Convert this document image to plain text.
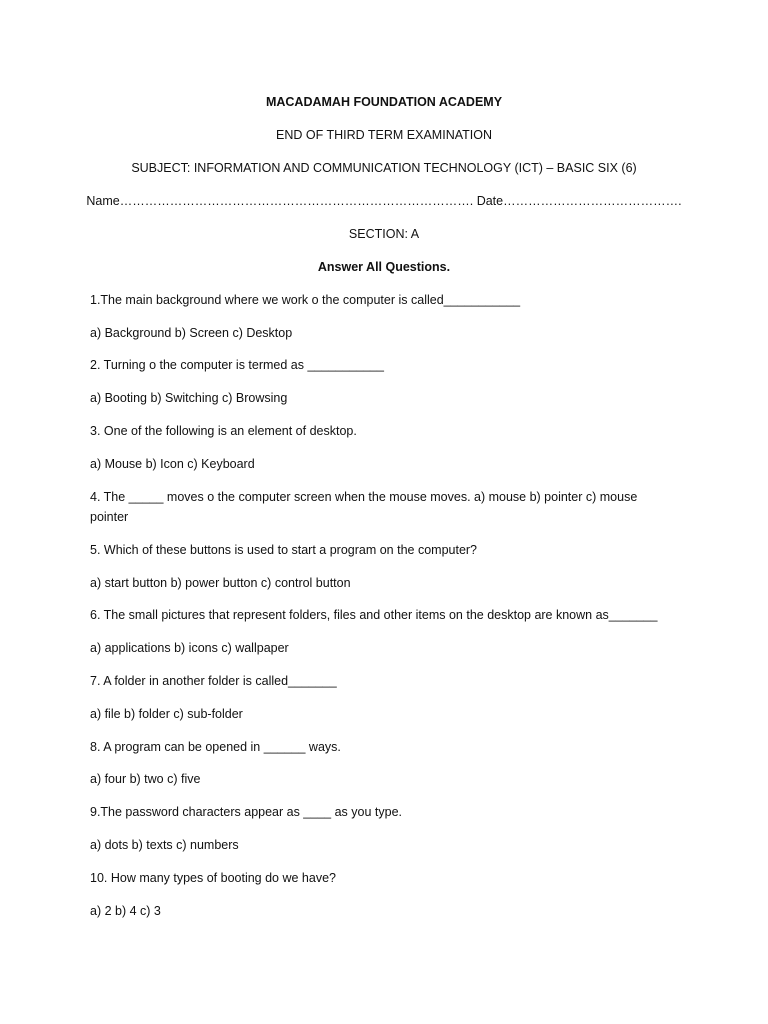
MACADAMAH FOUNDATION ACADEMY
END OF THIRD TERM EXAMINATION
SUBJECT: INFORMATION AND COMMUNICATION TECHNOLOGY (ICT) – BASIC SIX (6)
Name…………………………………………………………………………. Date…………………………………….
SECTION: A
Answer All Questions.
1.The main background where we work o the computer is called___________
a) Background b) Screen c) Desktop
2. Turning o the computer is termed as ___________
a) Booting b) Switching c) Browsing
3. One of the following is an element of desktop.
a) Mouse b) Icon c) Keyboard
4. The _____ moves o the computer screen when the mouse moves. a) mouse b) pointer c) mouse pointer
5. Which of these buttons is used to start a program on the computer?
a) start button b) power button c) control button
6. The small pictures that represent folders, files and other items on the desktop are known as_______
a) applications b) icons c) wallpaper
7. A folder in another folder is called_______
a) file b) folder c) sub-folder
8. A program can be opened in ______ ways.
a) four b) two c) five
9.The password characters appear as ____ as you type.
a) dots b) texts c) numbers
10. How many types of booting do we have?
a) 2 b) 4 c) 3
